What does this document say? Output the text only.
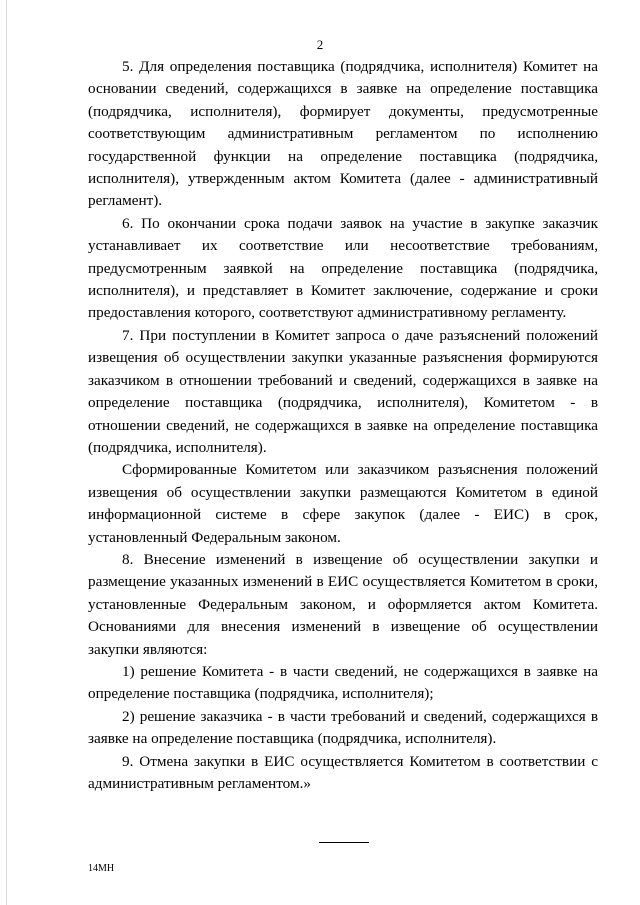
2

5. Для определения поставщика (подрядчика, исполнителя) Комитет на основании сведений, содержащихся в заявке на определение поставщика (подрядчика, исполнителя), формирует документы, предусмотренные соответствующим административным регламентом по исполнению государственной функции на определение поставщика (подрядчика, исполнителя), утвержденным актом Комитета (далее - административный регламент).

6. По окончании срока подачи заявок на участие в закупке заказчик устанавливает их соответствие или несоответствие требованиям, предусмотренным заявкой на определение поставщика (подрядчика, исполнителя), и представляет в Комитет заключение, содержание и сроки предоставления которого, соответствуют административному регламенту.

7. При поступлении в Комитет запроса о даче разъяснений положений извещения об осуществлении закупки указанные разъяснения формируются заказчиком в отношении требований и сведений, содержащихся в заявке на определение поставщика (подрядчика, исполнителя), Комитетом - в отношении сведений, не содержащихся в заявке на определение поставщика (подрядчика, исполнителя).

Сформированные Комитетом или заказчиком разъяснения положений извещения об осуществлении закупки размещаются Комитетом в единой информационной системе в сфере закупок (далее - ЕИС) в срок, установленный Федеральным законом.

8. Внесение изменений в извещение об осуществлении закупки и размещение указанных изменений в ЕИС осуществляется Комитетом в сроки, установленные Федеральным законом, и оформляется актом Комитета. Основаниями для внесения изменений в извещение об осуществлении закупки являются:

1) решение Комитета - в части сведений, не содержащихся в заявке на определение поставщика (подрядчика, исполнителя);

2) решение заказчика - в части требований и сведений, содержащихся в заявке на определение поставщика (подрядчика, исполнителя).

9. Отмена закупки в ЕИС осуществляется Комитетом в соответствии с административным регламентом.»

14МН
